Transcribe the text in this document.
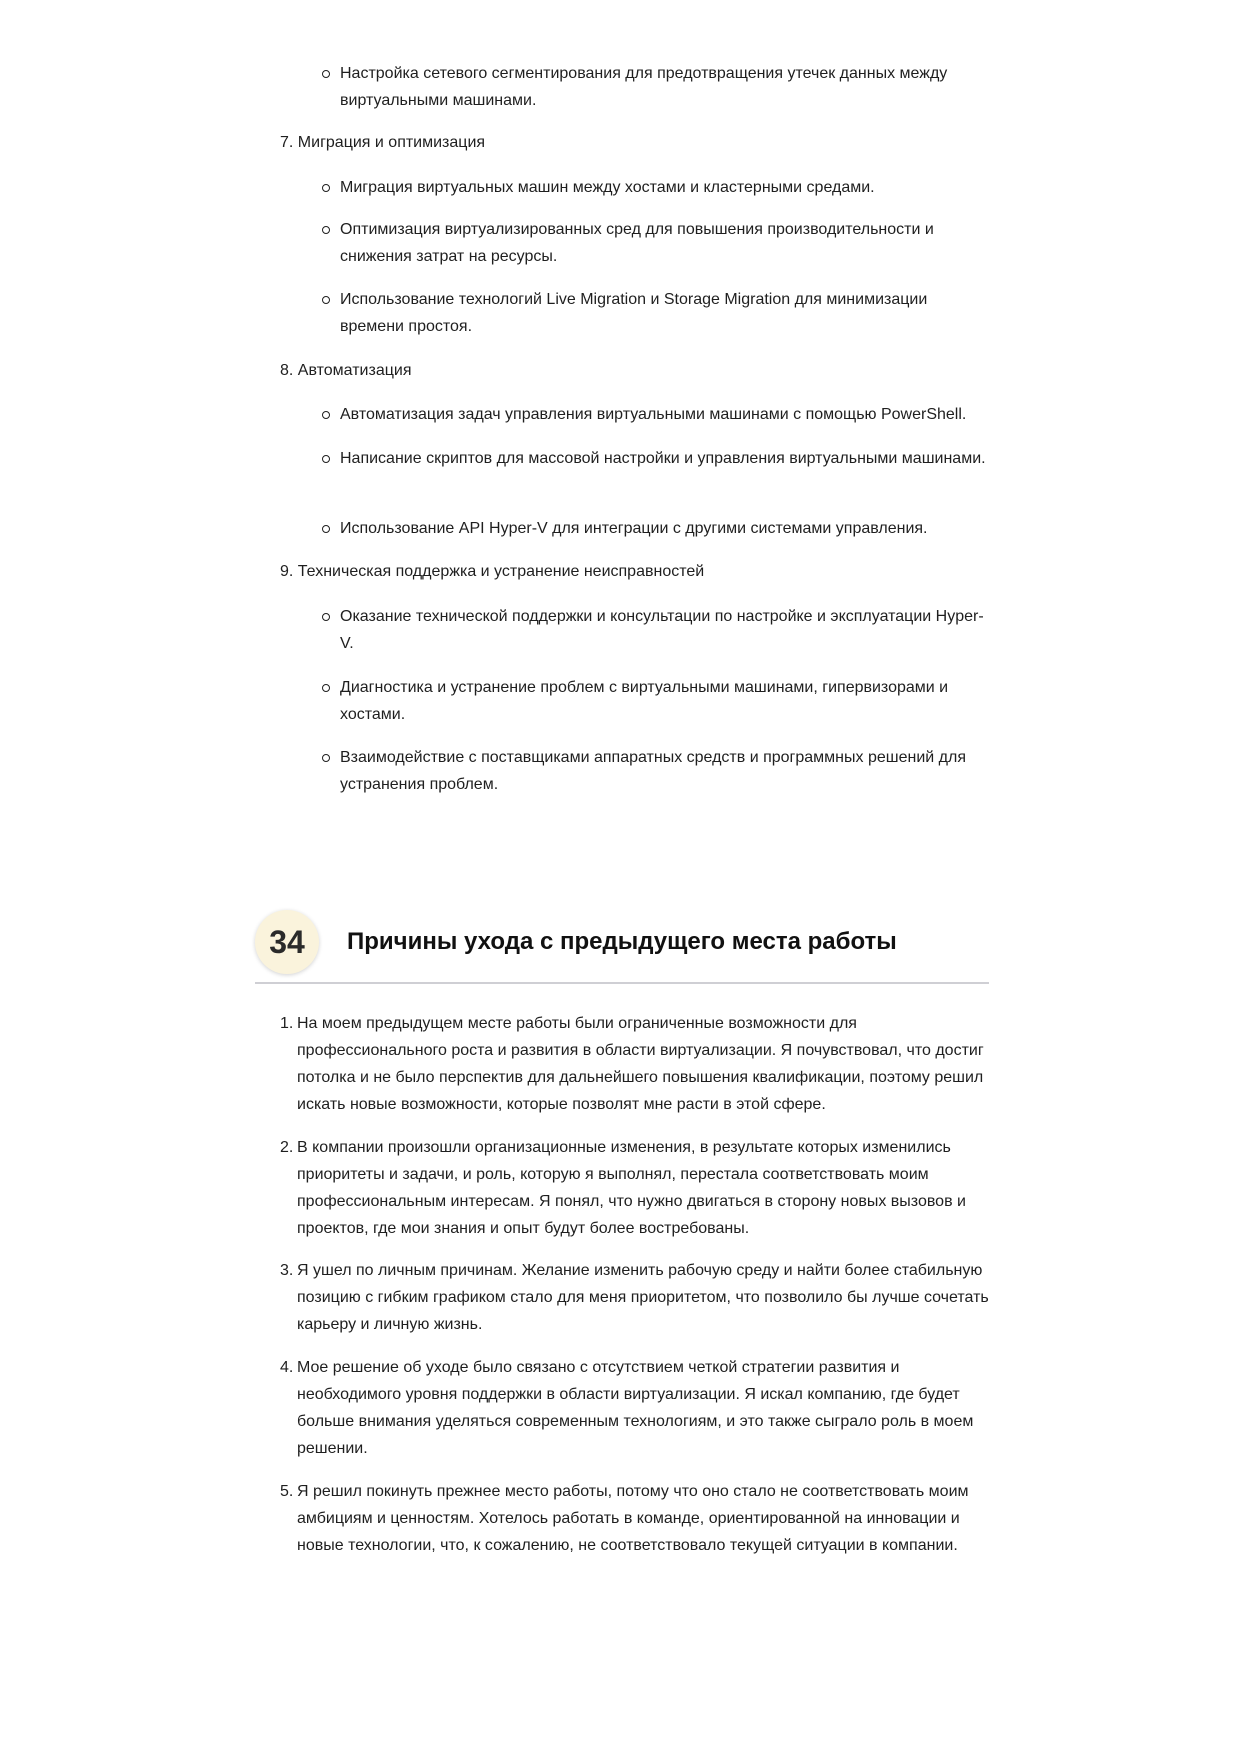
Настройка сетевого сегментирования для предотвращения утечек данных между виртуальными машинами.
7. Миграция и оптимизация
Миграция виртуальных машин между хостами и кластерными средами.
Оптимизация виртуализированных сред для повышения производительности и снижения затрат на ресурсы.
Использование технологий Live Migration и Storage Migration для минимизации времени простоя.
8. Автоматизация
Автоматизация задач управления виртуальными машинами с помощью PowerShell.
Написание скриптов для массовой настройки и управления виртуальными машинами.
Использование API Hyper-V для интеграции с другими системами управления.
9. Техническая поддержка и устранение неисправностей
Оказание технической поддержки и консультации по настройке и эксплуатации Hyper-V.
Диагностика и устранение проблем с виртуальными машинами, гипервизорами и хостами.
Взаимодействие с поставщиками аппаратных средств и программных решений для устранения проблем.
34	Причины ухода с предыдущего места работы
1. На моем предыдущем месте работы были ограниченные возможности для профессионального роста и развития в области виртуализации. Я почувствовал, что достиг потолка и не было перспектив для дальнейшего повышения квалификации, поэтому решил искать новые возможности, которые позволят мне расти в этой сфере.
2. В компании произошли организационные изменения, в результате которых изменились приоритеты и задачи, и роль, которую я выполнял, перестала соответствовать моим профессиональным интересам. Я понял, что нужно двигаться в сторону новых вызовов и проектов, где мои знания и опыт будут более востребованы.
3. Я ушел по личным причинам. Желание изменить рабочую среду и найти более стабильную позицию с гибким графиком стало для меня приоритетом, что позволило бы лучше сочетать карьеру и личную жизнь.
4. Мое решение об уходе было связано с отсутствием четкой стратегии развития и необходимого уровня поддержки в области виртуализации. Я искал компанию, где будет больше внимания уделяться современным технологиям, и это также сыграло роль в моем решении.
5. Я решил покинуть прежнее место работы, потому что оно стало не соответствовать моим амбициям и ценностям. Хотелось работать в команде, ориентированной на инновации и новые технологии, что, к сожалению, не соответствовало текущей ситуации в компании.
